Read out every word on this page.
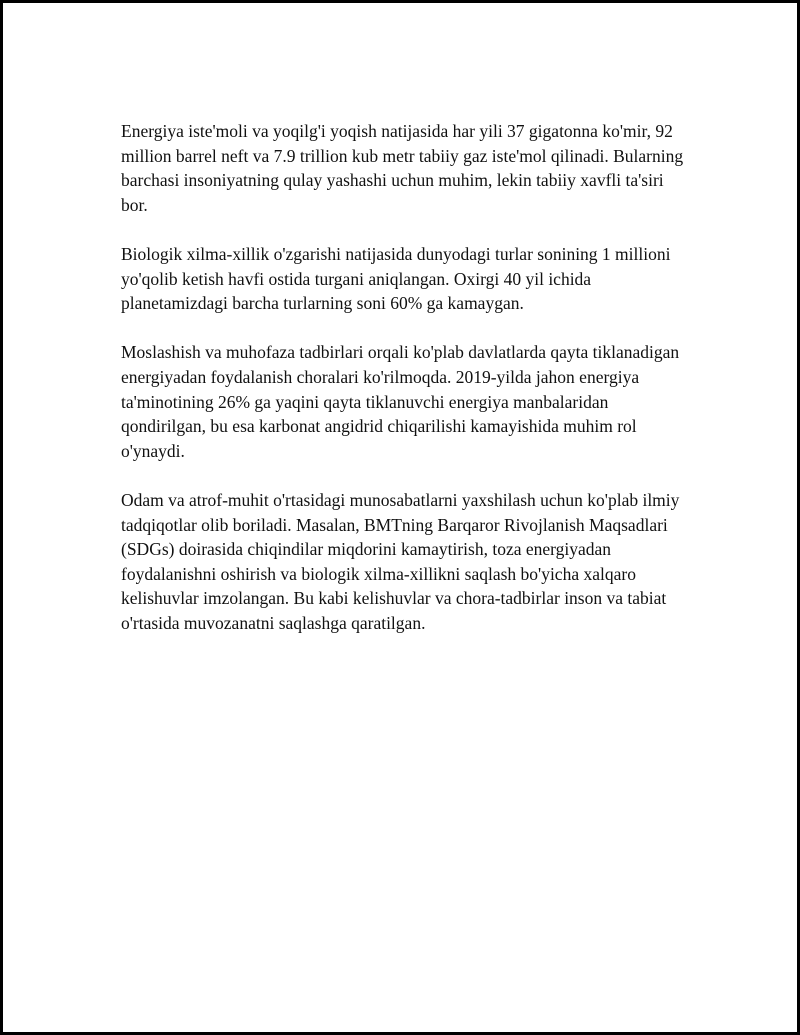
Energiya iste'moli va yoqilg'i yoqish natijasida har yili 37 gigatonna ko'mir, 92 million barrel neft va 7.9 trillion kub metr tabiiy gaz iste'mol qilinadi. Bularning barchasi insoniyatning qulay yashashi uchun muhim, lekin tabiiy xavfli ta'siri bor.

Biologik xilma-xillik o'zgarishi natijasida dunyodagi turlar sonining 1 millioni yo'qolib ketish havfi ostida turgani aniqlangan. Oxirgi 40 yil ichida planetamizdagi barcha turlarning soni 60% ga kamaygan.

Moslashish va muhofaza tadbirlari orqali ko'plab davlatlarda qayta tiklanadigan energiyadan foydalanish choralari ko'rilmoqda. 2019-yilda jahon energiya ta'minotining 26% ga yaqini qayta tiklanuvchi energiya manbalaridan qondirilgan, bu esa karbonat angidrid chiqarilishi kamayishida muhim rol o'ynaydi.

Odam va atrof-muhit o'rtasidagi munosabatlarni yaxshilash uchun ko'plab ilmiy tadqiqotlar olib boriladi. Masalan, BMTning Barqaror Rivojlanish Maqsadlari (SDGs) doirasida chiqindilar miqdorini kamaytirish, toza energiyadan foydalanishni oshirish va biologik xilma-xillikni saqlash bo'yicha xalqaro kelishuvlar imzolangan. Bu kabi kelishuvlar va chora-tadbirlar inson va tabiat o'rtasida muvozanatni saqlashga qaratilgan.
